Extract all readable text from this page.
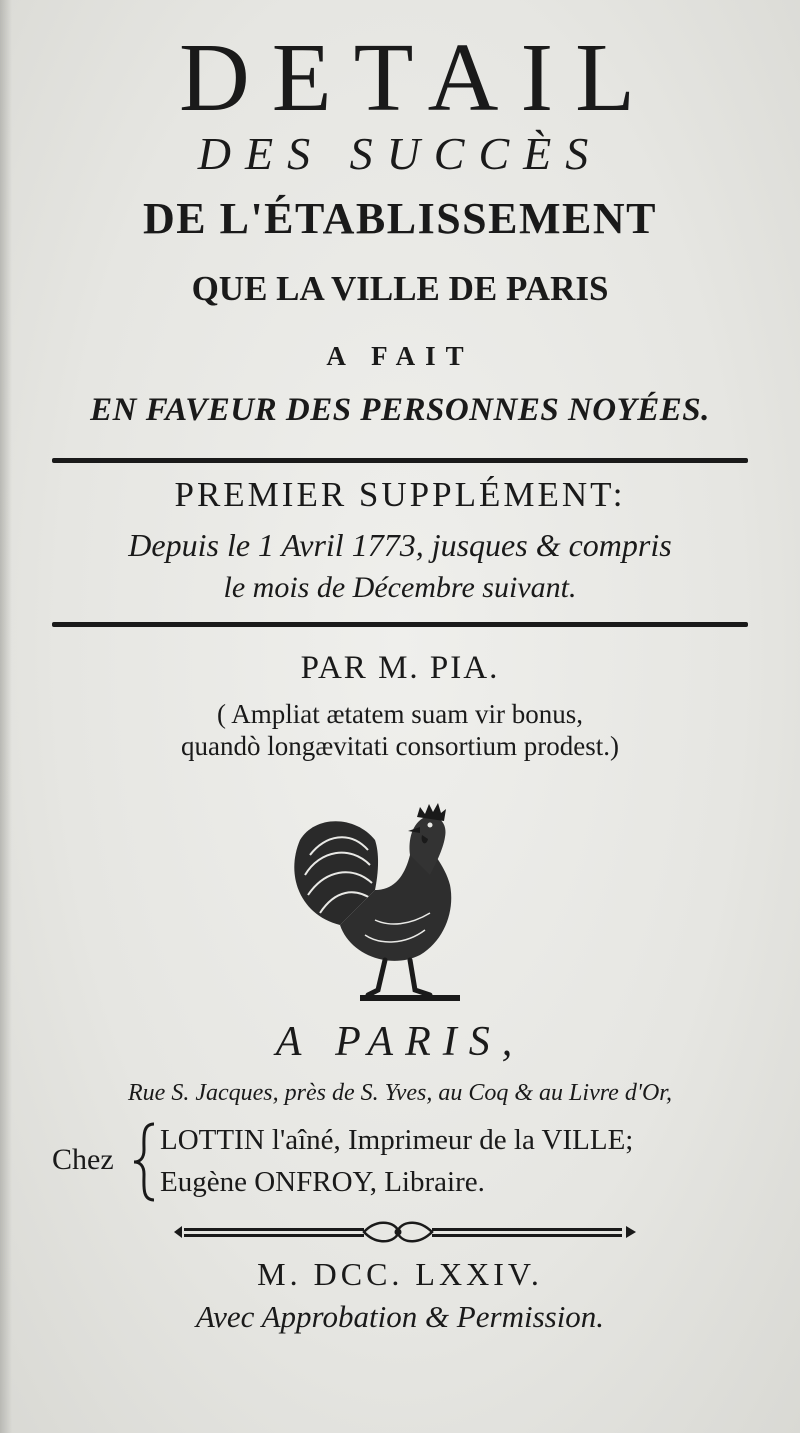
DETAIL
DES SUCCÈS
DE L'ÉTABLISSEMENT
QUE LA VILLE DE PARIS
A FAIT
EN FAVEUR DES PERSONNES NOYÉES.
PREMIER SUPPLÉMENT:
Depuis le 1 Avril 1773, jusques & compris
le mois de Décembre suivant.
PAR M. PIA.
( Ampliat ætatem suam vir bonus,
quandò longævitati consortium prodest.)
A PARIS,
Rue S. Jacques, près de S. Yves, au Coq & au Livre d'Or,
Chez
LOTTIN l'aîné, Imprimeur de la VILLE;
Eugène ONFROY, Libraire.
M. DCC. LXXIV.
Avec Approbation & Permission.
